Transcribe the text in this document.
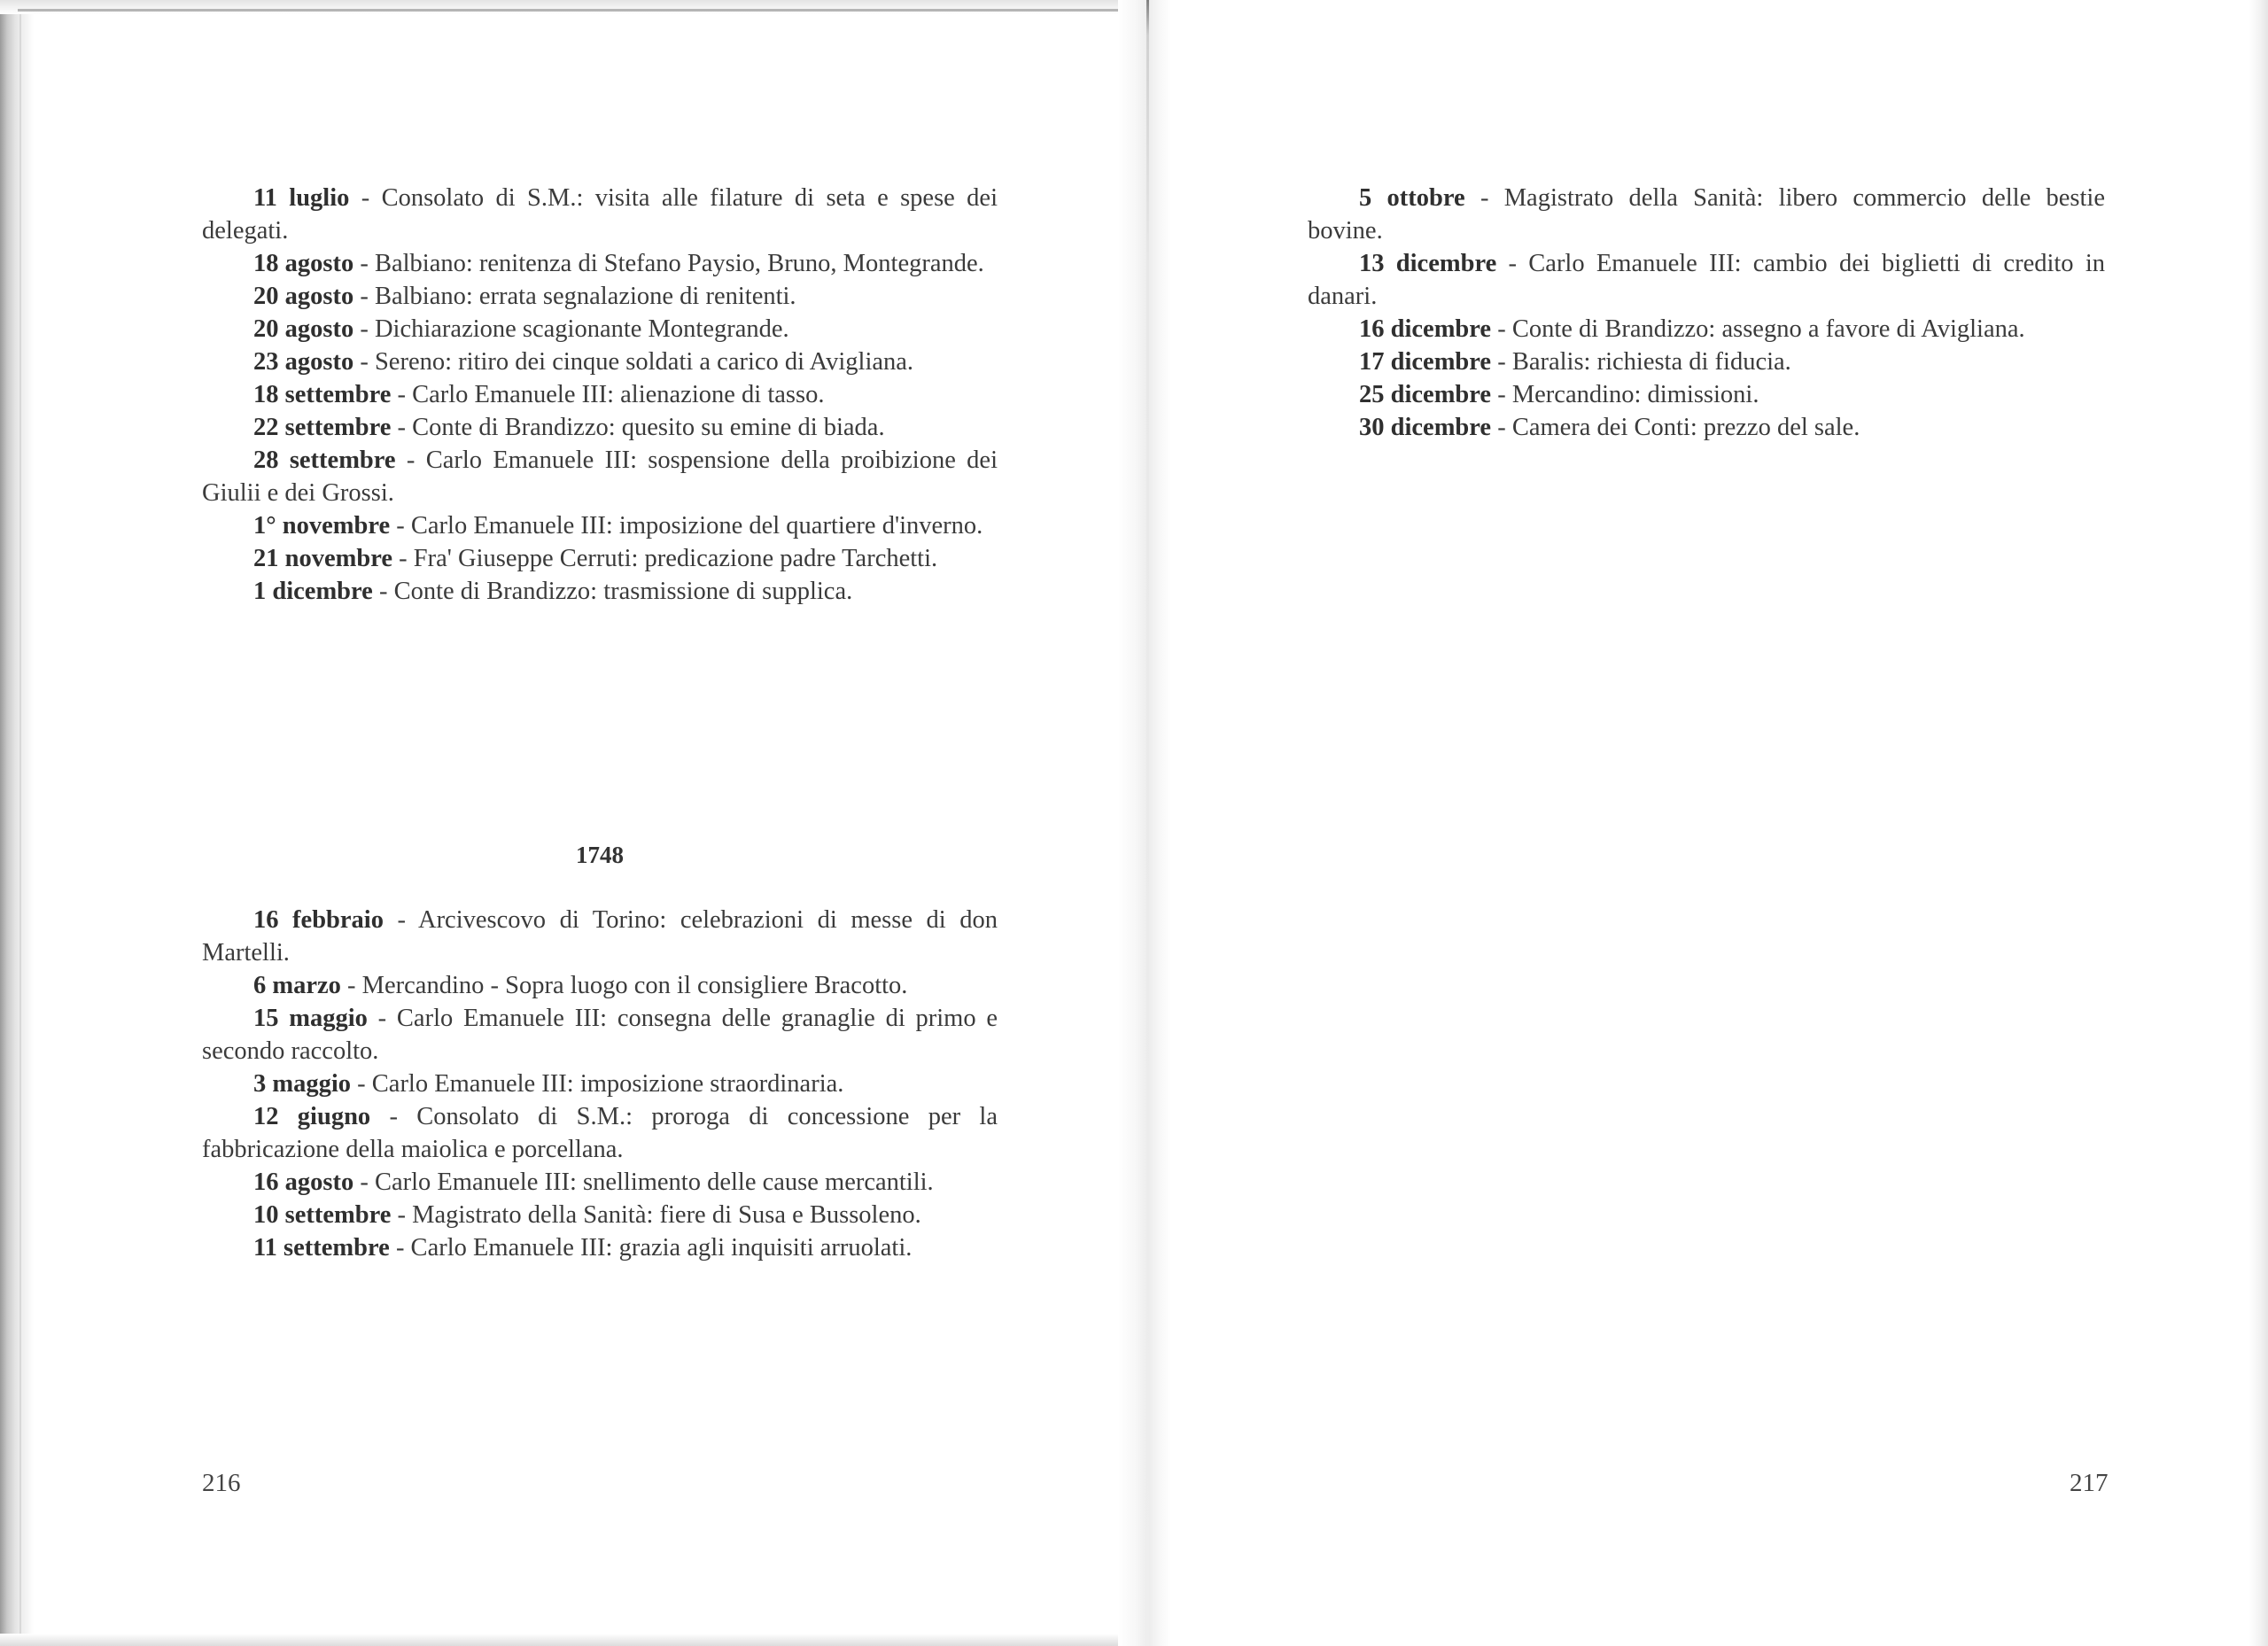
11 luglio - Consolato di S.M.: visita alle filature di seta e spese dei delegati.

18 agosto - Balbiano: renitenza di Stefano Paysio, Bruno, Montegrande.

20 agosto - Balbiano: errata segnalazione di renitenti.

20 agosto - Dichiarazione scagionante Montegrande.

23 agosto - Sereno: ritiro dei cinque soldati a carico di Avigliana.

18 settembre - Carlo Emanuele III: alienazione di tasso.

22 settembre - Conte di Brandizzo: quesito su emine di biada.

28 settembre - Carlo Emanuele III: sospensione della proibizione dei Giulii e dei Grossi.

1° novembre - Carlo Emanuele III: imposizione del quartiere d'inverno.

21 novembre - Fra' Giuseppe Cerruti: predicazione padre Tarchetti.

1 dicembre - Conte di Brandizzo: trasmissione di supplica.

1748

16 febbraio - Arcivescovo di Torino: celebrazioni di messe di don Martelli.

6 marzo - Mercandino - Sopra luogo con il consigliere Bracotto.

15 maggio - Carlo Emanuele III: consegna delle granaglie di primo e secondo raccolto.

3 maggio - Carlo Emanuele III: imposizione straordinaria.

12 giugno - Consolato di S.M.: proroga di concessione per la fabbricazione della maiolica e porcellana.

16 agosto - Carlo Emanuele III: snellimento delle cause mercantili.

10 settembre - Magistrato della Sanità: fiere di Susa e Bussoleno.

11 settembre - Carlo Emanuele III: grazia agli inquisiti arruolati.

216

5 ottobre - Magistrato della Sanità: libero commercio delle bestie bovine.

13 dicembre - Carlo Emanuele III: cambio dei biglietti di credito in danari.

16 dicembre - Conte di Brandizzo: assegno a favore di Avigliana.

17 dicembre - Baralis: richiesta di fiducia.

25 dicembre - Mercandino: dimissioni.

30 dicembre - Camera dei Conti: prezzo del sale.

217
